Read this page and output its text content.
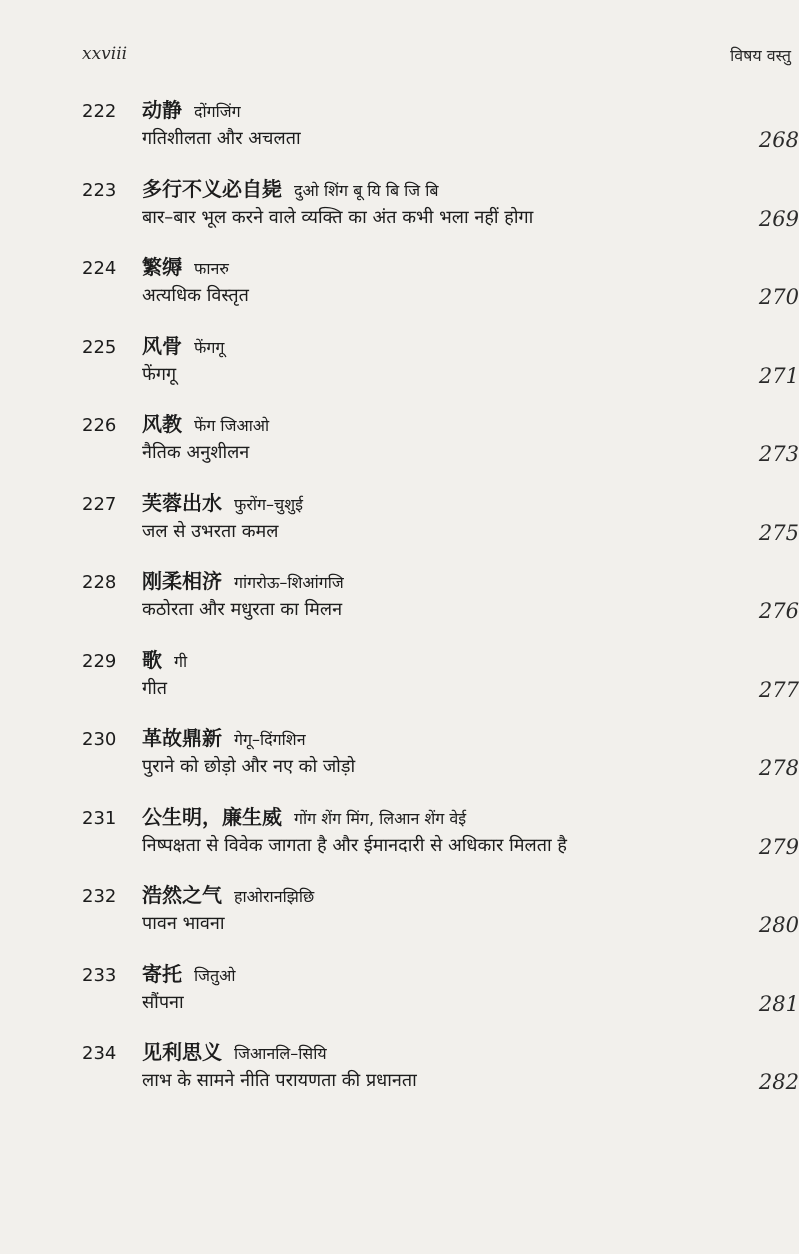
xxviii	विषय वस्तु
222 动静 दोंगजिंग
गतिशीलता और अचलता	268
223 多行不义必自毙 दुओ शिंग बू यि बि जि बि
बार–बार भूल करने वाले व्यक्ति का अंत कभी भला नहीं होगा	269
224 繁缛 फानरु
अत्यधिक विस्तृत	270
225 风骨 फेंगगू
फेंगगू	271
226 风教 फेंग जिआओ
नैतिक अनुशीलन	273
227 芙蓉出水 फुरोंग–चुशुई
जल से उभरता कमल	275
228 刚柔相济 गांगरोऊ–शिआंगजि
कठोरता और मधुरता का मिलन	276
229 歌 गी
गीत	277
230 革故鼎新 गेगू–दिंगशिन
पुराने को छोड़ो और नए को जोड़ो	278
231 公生明，廉生威 गोंग शेंग मिंग, लिआन शेंग वेई
निष्पक्षता से विवेक जागता है और ईमानदारी से अधिकार मिलता है	279
232 浩然之气 हाओरानझिछि
पावन भावना	280
233 寄托 जितुओ
सौंपना	281
234 见利思义 जिआनलि–सियि
लाभ के सामने नीति परायणता की प्रधानता	282
